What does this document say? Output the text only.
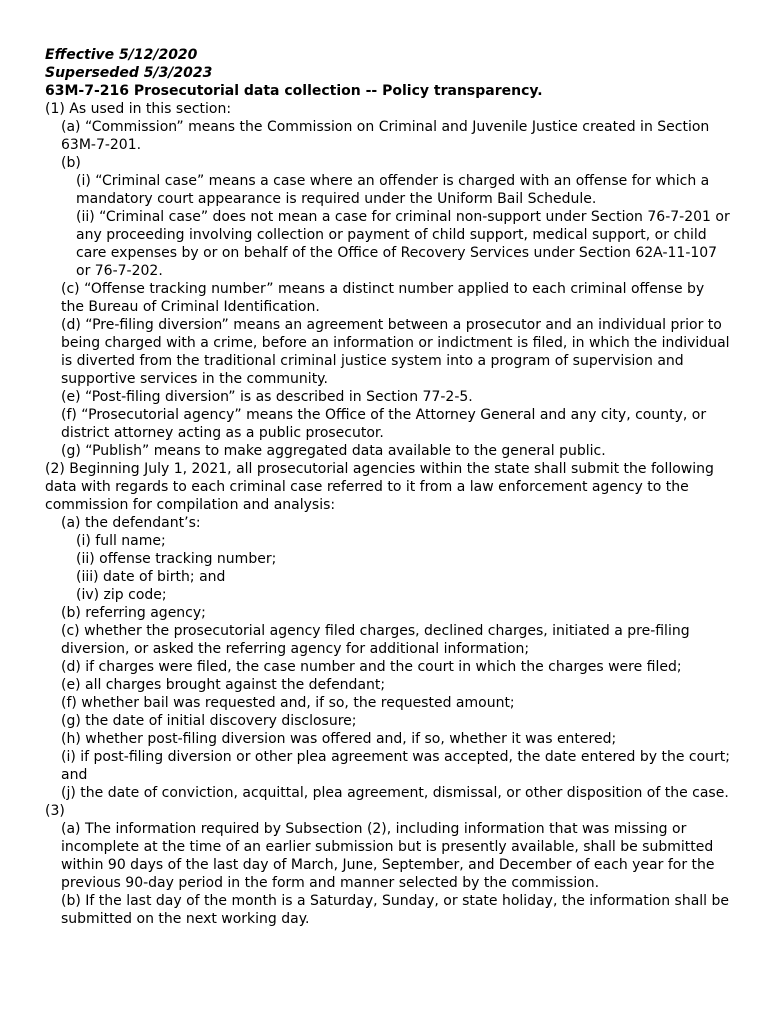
Effective 5/12/2020

Superseded 5/3/2023

63M-7-216 Prosecutorial data collection -- Policy transparency.

(1) As used in this section:

(a) “Commission” means the Commission on Criminal and Juvenile Justice created in Section 63M-7-201.

(b)

(i) “Criminal case” means a case where an offender is charged with an offense for which a mandatory court appearance is required under the Uniform Bail Schedule.

(ii) “Criminal case” does not mean a case for criminal non-support under Section 76-7-201 or any proceeding involving collection or payment of child support, medical support, or child care expenses by or on behalf of the Office of Recovery Services under Section 62A-11-107 or 76-7-202.

(c) “Offense tracking number” means a distinct number applied to each criminal offense by the Bureau of Criminal Identification.

(d) “Pre-filing diversion” means an agreement between a prosecutor and an individual prior to being charged with a crime, before an information or indictment is filed, in which the individual is diverted from the traditional criminal justice system into a program of supervision and supportive services in the community.

(e) “Post-filing diversion” is as described in Section 77-2-5.

(f) “Prosecutorial agency” means the Office of the Attorney General and any city, county, or district attorney acting as a public prosecutor.

(g) “Publish” means to make aggregated data available to the general public.

(2) Beginning July 1, 2021, all prosecutorial agencies within the state shall submit the following data with regards to each criminal case referred to it from a law enforcement agency to the commission for compilation and analysis:

(a) the defendant’s:

(i) full name;

(ii) offense tracking number;

(iii) date of birth; and

(iv) zip code;

(b) referring agency;

(c) whether the prosecutorial agency filed charges, declined charges, initiated a pre-filing diversion, or asked the referring agency for additional information;

(d) if charges were filed, the case number and the court in which the charges were filed;

(e) all charges brought against the defendant;

(f) whether bail was requested and, if so, the requested amount;

(g) the date of initial discovery disclosure;

(h) whether post-filing diversion was offered and, if so, whether it was entered;

(i) if post-filing diversion or other plea agreement was accepted, the date entered by the court; and

(j) the date of conviction, acquittal, plea agreement, dismissal, or other disposition of the case.

(3)

(a) The information required by Subsection (2), including information that was missing or incomplete at the time of an earlier submission but is presently available, shall be submitted within 90 days of the last day of March, June, September, and December of each year for the previous 90-day period in the form and manner selected by the commission.

(b) If the last day of the month is a Saturday, Sunday, or state holiday, the information shall be submitted on the next working day.
